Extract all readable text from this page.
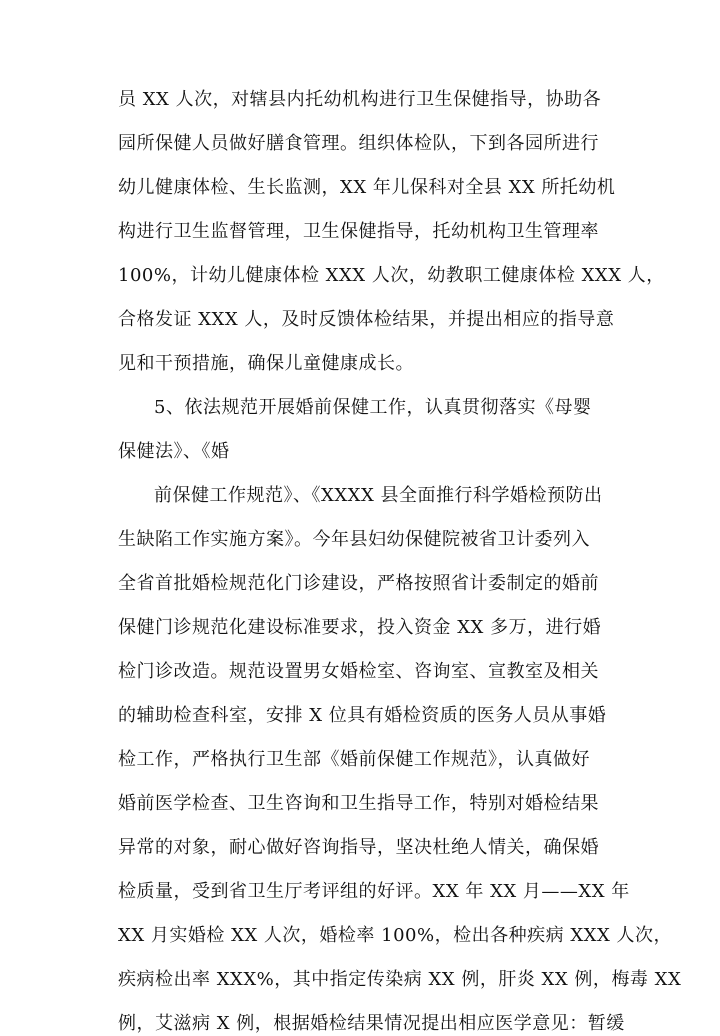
员 XX 人次，对辖县内托幼机构进行卫生保健指导，协助各
园所保健人员做好膳食管理。组织体检队，下到各园所进行
幼儿健康体检、生长监测，XX 年儿保科对全县 XX 所托幼机
构进行卫生监督管理，卫生保健指导，托幼机构卫生管理率
100%，计幼儿健康体检 XXX 人次，幼教职工健康体检 XXX 人，
合格发证 XXX 人，及时反馈体检结果，并提出相应的指导意
见和干预措施，确保儿童健康成长。
5、依法规范开展婚前保健工作，认真贯彻落实《母婴
保健法》、《婚
前保健工作规范》、《XXXX 县全面推行科学婚检预防出
生缺陷工作实施方案》。今年县妇幼保健院被省卫计委列入
全省首批婚检规范化门诊建设，严格按照省计委制定的婚前
保健门诊规范化建设标准要求，投入资金 XX 多万，进行婚
检门诊改造。规范设置男女婚检室、咨询室、宣教室及相关
的辅助检查科室，安排 X 位具有婚检资质的医务人员从事婚
检工作，严格执行卫生部《婚前保健工作规范》，认真做好
婚前医学检查、卫生咨询和卫生指导工作，特别对婚检结果
异常的对象，耐心做好咨询指导，坚决杜绝人情关，确保婚
检质量，受到省卫生厅考评组的好评。XX 年 XX 月——XX 年
XX 月实婚检 XX 人次，婚检率 100%，检出各种疾病 XXX 人次，
疾病检出率 XXX%，其中指定传染病 XX 例，肝炎 XX 例，梅毒 XX
例，艾滋病 X 例，根据婚检结果情况提出相应医学意见：暂缓
